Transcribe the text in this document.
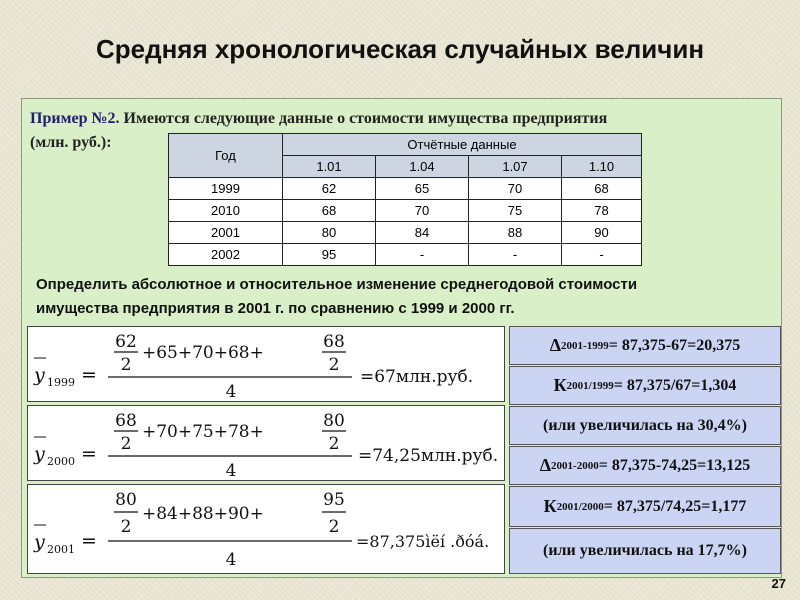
Средняя хронологическая случайных величин
Пример №2. Имеются следующие данные о стоимости имущества предприятия
(млн. руб.):
Год	Отчётные данные			
	1.01	1.04	1.07	1.10
1999	62	65	70	68
2010	68	70	75	78
2001	80	84	88	90
2002	95	-	-	-
Определить абсолютное и относительное изменение среднегодовой стоимости
имущества предприятия в 2001 г. по сравнению с 1999 и 2000 гг.
y 1999 =
62
2
+65+70+68+
68
2
4
=67млн.руб.
y 2000 =
68
2
+70+75+78+
80
2
4
=74,25млн.руб.
y 2001 =
80
2
+84+88+90+
95
2
4
=87,375ìëí .ðóá.
Δ 2001-1999 = 87,375-67=20,375
К 2001/1999 = 87,375/67=1,304
(или увеличилась на 30,4%)
Δ 2001-2000 = 87,375-74,25=13,125
К 2001/2000 = 87,375/74,25=1,177
(или увеличилась на 17,7%)
27
